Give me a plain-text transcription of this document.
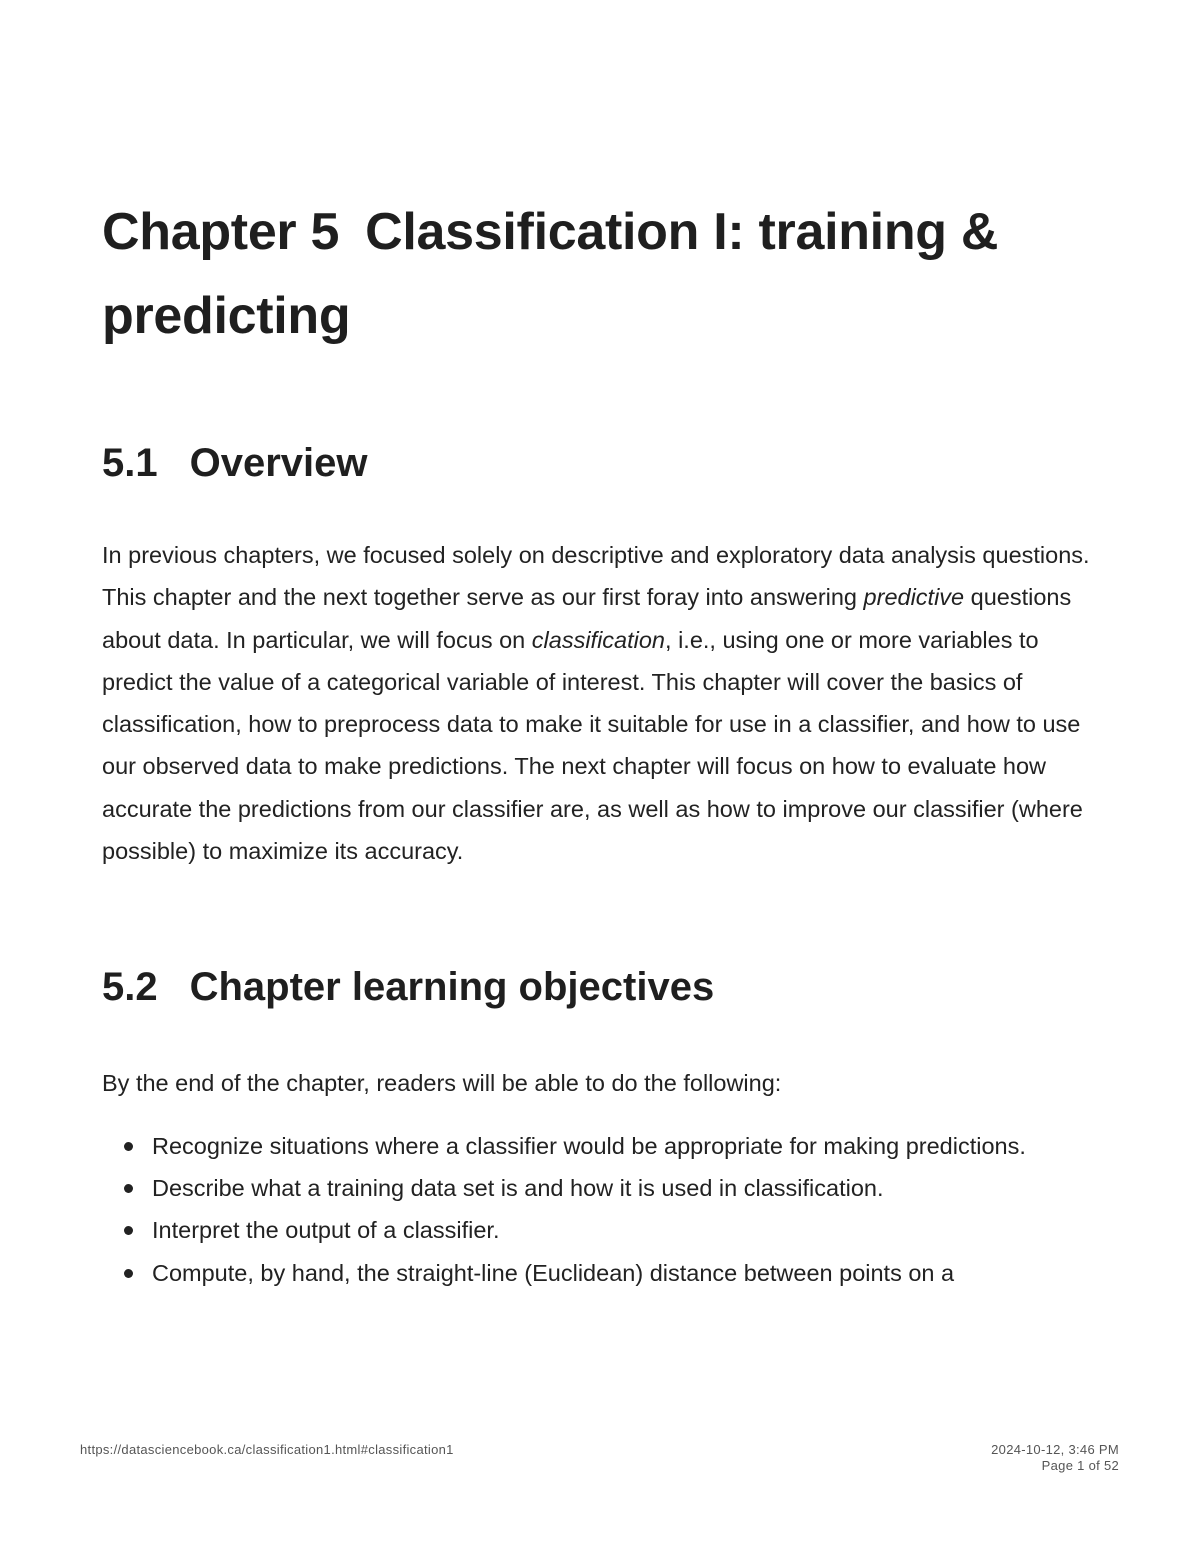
Chapter 5 Classification I: training & predicting
5.1 Overview

In previous chapters, we focused solely on descriptive and exploratory data analysis questions. This chapter and the next together serve as our first foray into answering predictive questions about data. In particular, we will focus on classification, i.e., using one or more variables to predict the value of a categorical variable of interest. This chapter will cover the basics of classification, how to preprocess data to make it suitable for use in a classifier, and how to use our observed data to make predictions. The next chapter will focus on how to evaluate how accurate the predictions from our classifier are, as well as how to improve our classifier (where possible) to maximize its accuracy.

5.2 Chapter learning objectives

By the end of the chapter, readers will be able to do the following:

Recognize situations where a classifier would be appropriate for making predictions.
Describe what a training data set is and how it is used in classification.
Interpret the output of a classifier.
Compute, by hand, the straight-line (Euclidean) distance between points on a
https://datasciencebook.ca/classification1.html#classification1	2024-10-12, 3:46 PM
Page 1 of 52
